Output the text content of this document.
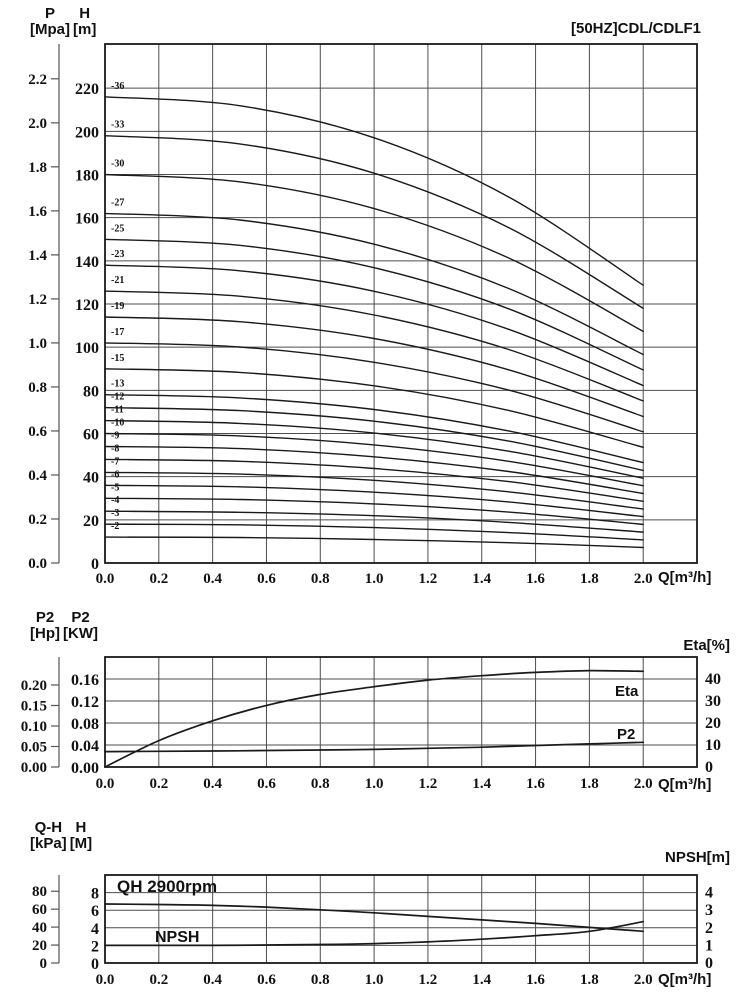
2.2
2.0
1.8
1.6
1.4
1.2
1.0
0.8
0.6
0.4
0.2
0.0
220
200
180
160
140
120
100
80
60
40
20
0
0.0 0.2 0.4 0.6 0.8 1.0 1.2 1.4 1.6 1.8 2.0
-2
-3
-4
-5
-6
-7
-8
-9
-10
-11
-12
-13
-15
-17
-19
-21
-23
-25
-27
-30
-33
-36
0.20
0.15
0.10
0.05
0.00
0.16
0.12
0.08
0.04
0.00
40
30
20
10
0
0.0 0.2 0.4 0.6 0.8 1.0 1.2 1.4 1.6 1.8 2.0
80
60
40
20
0
8
6
4
2
0
4
3
2
1
0
0.0 0.2 0.4 0.6 0.8 1.0 1.2 1.4 1.6 1.8 2.0
P
[Mpa]
H
[m]	[50HZ]CDL/CDLF1
Q[m³/h]
P2
[Hp]
P2
[KW]
Eta[%]
Eta
P2
Q[m³/h]
Q-H
[kPa]
H
[M]
NPSH[m]
QH 2900rpm
NPSH
Q[m³/h]
